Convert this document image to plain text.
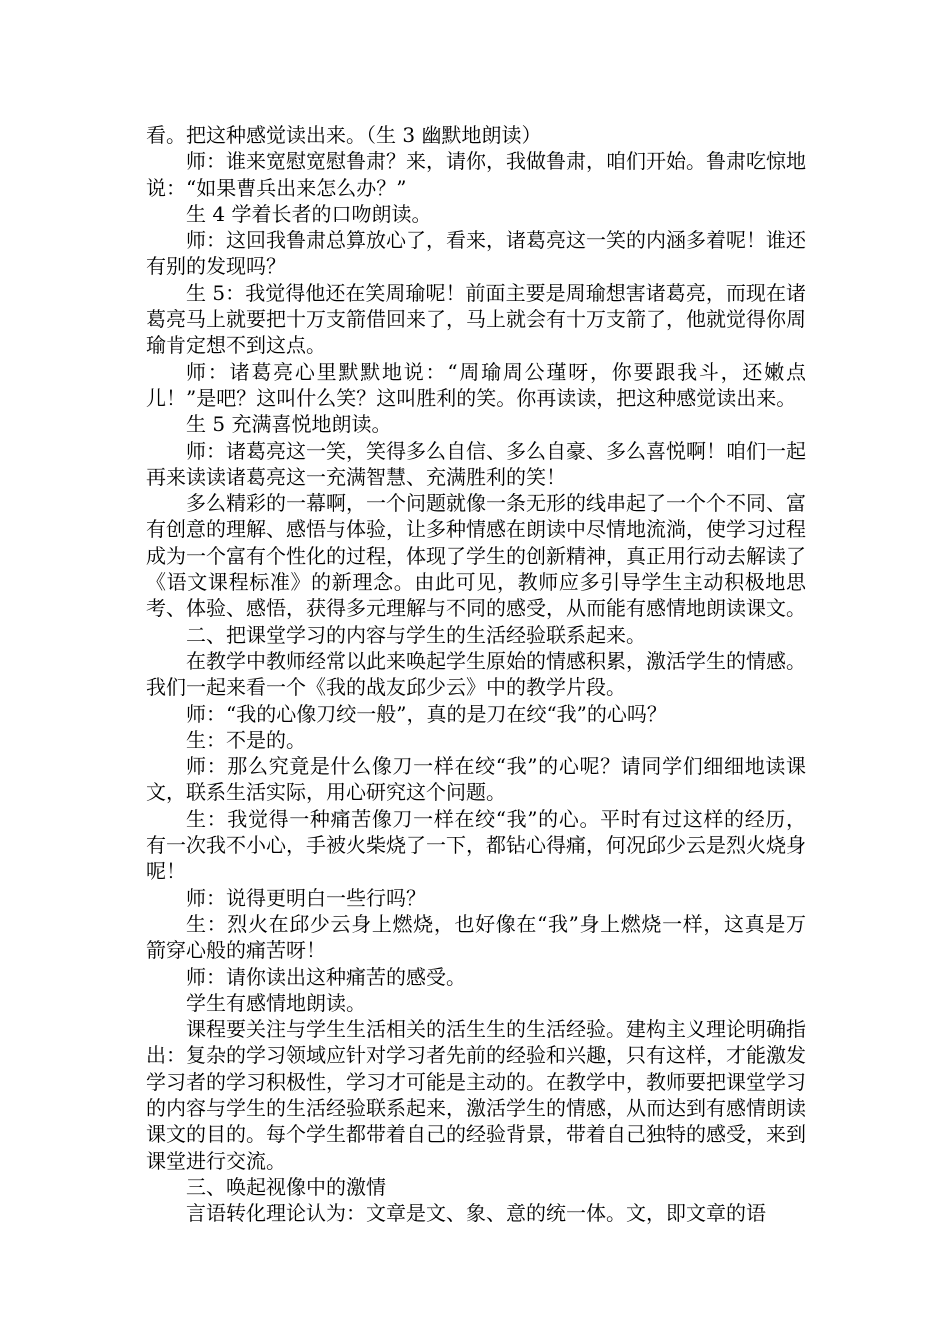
看。把这种感觉读出来。（生 3 幽默地朗读）

师：谁来宽慰宽慰鲁肃？来，请你，我做鲁肃，咱们开始。鲁肃吃惊地说：“如果曹兵出来怎么办？”

生 4 学着长者的口吻朗读。

师：这回我鲁肃总算放心了，看来，诸葛亮这一笑的内涵多着呢！谁还有别的发现吗？

生 5：我觉得他还在笑周瑜呢！前面主要是周瑜想害诸葛亮，而现在诸葛亮马上就要把十万支箭借回来了，马上就会有十万支箭了，他就觉得你周瑜肯定想不到这点。

师：诸葛亮心里默默地说：“周瑜周公瑾呀，你要跟我斗，还嫩点儿！”是吧？这叫什么笑？这叫胜利的笑。你再读读，把这种感觉读出来。

生 5 充满喜悦地朗读。

师：诸葛亮这一笑，笑得多么自信、多么自豪、多么喜悦啊！咱们一起再来读读诸葛亮这一充满智慧、充满胜利的笑！

多么精彩的一幕啊，一个问题就像一条无形的线串起了一个个不同、富有创意的理解、感悟与体验，让多种情感在朗读中尽情地流淌，使学习过程成为一个富有个性化的过程，体现了学生的创新精神，真正用行动去解读了《语文课程标准》的新理念。由此可见，教师应多引导学生主动积极地思考、体验、感悟，获得多元理解与不同的感受，从而能有感情地朗读课文。

二、把课堂学习的内容与学生的生活经验联系起来。

在教学中教师经常以此来唤起学生原始的情感积累，激活学生的情感。我们一起来看一个《我的战友邱少云》中的教学片段。

师：“我的心像刀绞一般”，真的是刀在绞“我”的心吗？

生：不是的。

师：那么究竟是什么像刀一样在绞“我”的心呢？请同学们细细地读课文，联系生活实际，用心研究这个问题。

生：我觉得一种痛苦像刀一样在绞“我”的心。平时有过这样的经历，有一次我不小心，手被火柴烧了一下，都钻心得痛，何况邱少云是烈火烧身呢！

师：说得更明白一些行吗？

生：烈火在邱少云身上燃烧，也好像在“我”身上燃烧一样，这真是万箭穿心般的痛苦呀！

师：请你读出这种痛苦的感受。

学生有感情地朗读。

课程要关注与学生生活相关的活生生的生活经验。建构主义理论明确指出：复杂的学习领域应针对学习者先前的经验和兴趣，只有这样，才能激发学习者的学习积极性，学习才可能是主动的。在教学中，教师要把课堂学习的内容与学生的生活经验联系起来，激活学生的情感，从而达到有感情朗读课文的目的。每个学生都带着自己的经验背景，带着自己独特的感受，来到课堂进行交流。

三、唤起视像中的激情

言语转化理论认为：文章是文、象、意的统一体。文，即文章的语
